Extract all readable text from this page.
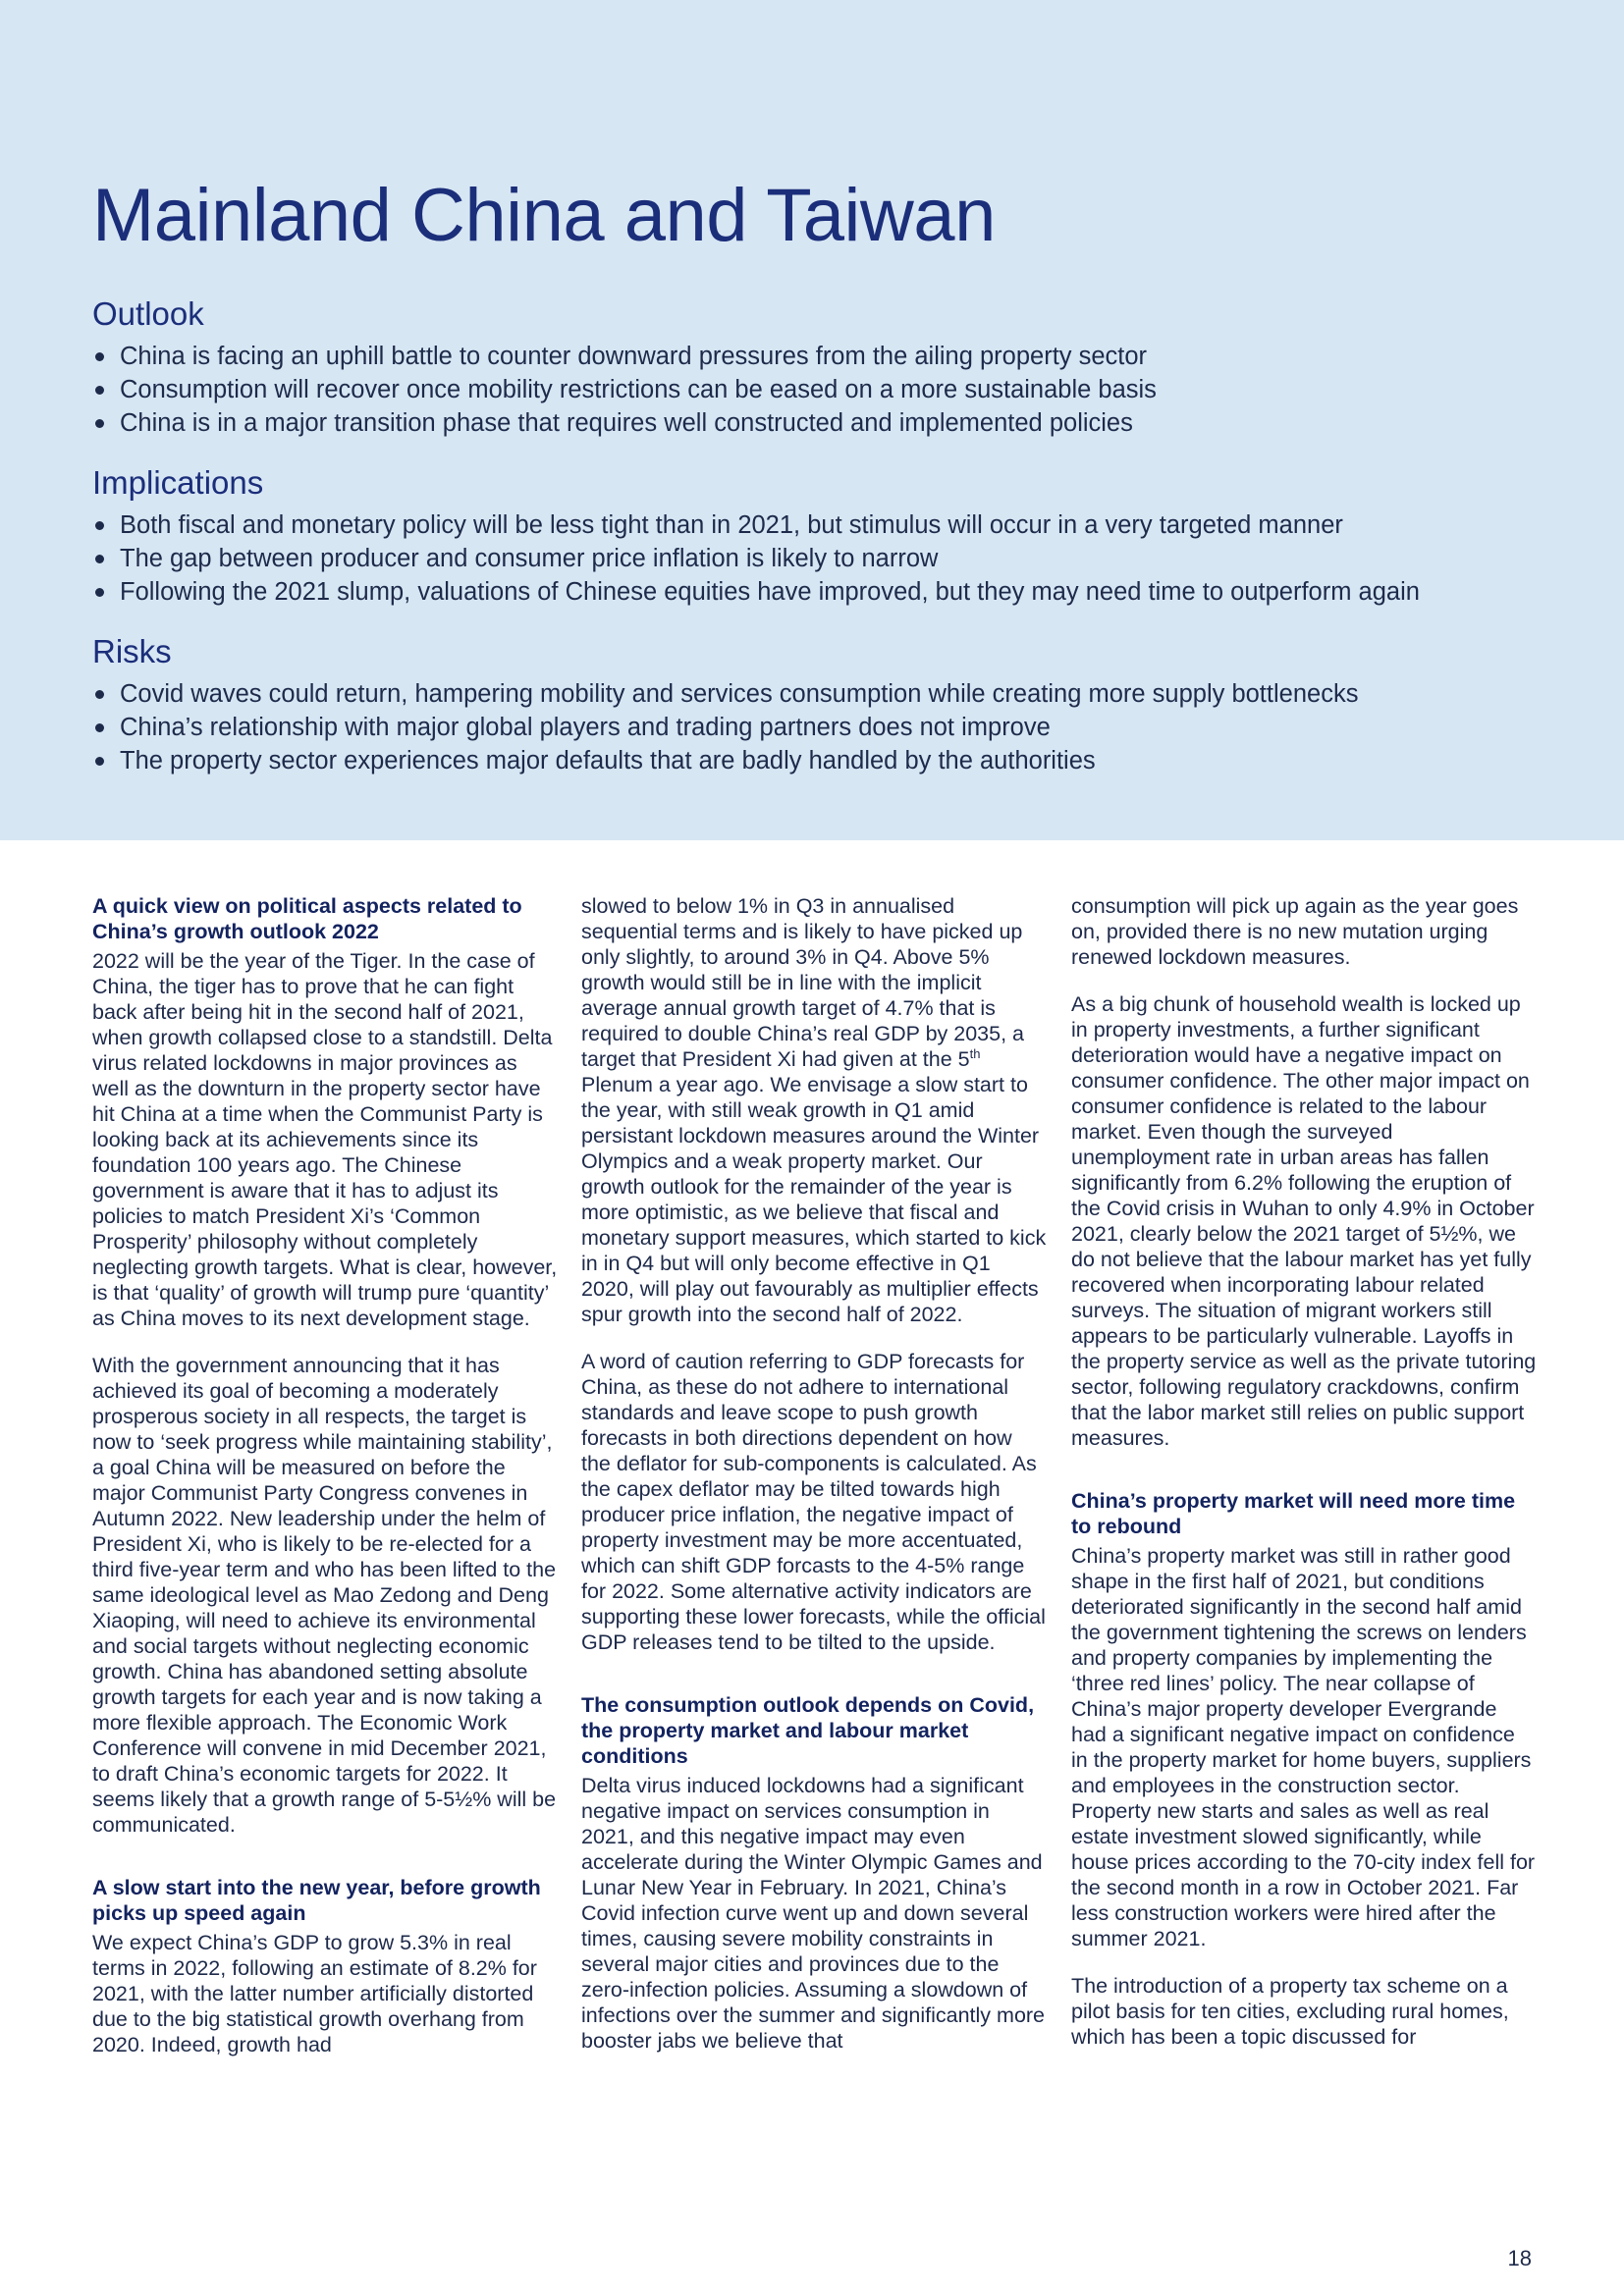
Mainland China and Taiwan
Outlook
China is facing an uphill battle to counter downward pressures from the ailing property sector
Consumption will recover once mobility restrictions can be eased on a more sustainable basis
China is in a major transition phase that requires well constructed and implemented policies
Implications
Both fiscal and monetary policy will be less tight than in 2021, but stimulus will occur in a very targeted manner
The gap between producer and consumer price inflation is likely to narrow
Following the 2021 slump, valuations of Chinese equities have improved, but they may need time to outperform again
Risks
Covid waves could return, hampering mobility and services consumption while creating more supply bottlenecks
China’s relationship with major global players and trading partners does not improve
The property sector experiences major defaults that are badly handled by the authorities
A quick view on political aspects related to China’s growth outlook 2022

2022 will be the year of the Tiger. In the case of China, the tiger has to prove that he can fight back after being hit in the second half of 2021, when growth collapsed close to a standstill. Delta virus related lockdowns in major provinces as well as the downturn in the property sector have hit China at a time when the Communist Party is looking back at its achievements since its foundation 100 years ago. The Chinese government is aware that it has to adjust its policies to match President Xi’s ‘Common Prosperity’ philosophy without completely neglecting growth targets. What is clear, however, is that ‘quality’ of growth will trump pure ‘quantity’ as China moves to its next development stage.

With the government announcing that it has achieved its goal of becoming a moderately prosperous society in all respects, the target is now to ‘seek progress while maintaining stability’, a goal China will be measured on before the major Communist Party Congress convenes in Autumn 2022. New leadership under the helm of President Xi, who is likely to be re-elected for a third five-year term and who has been lifted to the same ideological level as Mao Zedong and Deng Xiaoping, will need to achieve its environmental and social targets without neglecting economic growth. China has abandoned setting absolute growth targets for each year and is now taking a more flexible approach. The Economic Work Conference will convene in mid December 2021, to draft China’s economic targets for 2022. It seems likely that a growth range of 5-5½% will be communicated.

A slow start into the new year, before growth picks up speed again

We expect China’s GDP to grow 5.3% in real terms in 2022, following an estimate of 8.2% for 2021, with the latter number artificially distorted due to the big statistical growth overhang from 2020. Indeed, growth had

slowed to below 1% in Q3 in annualised sequential terms and is likely to have picked up only slightly, to around 3% in Q4. Above 5% growth would still be in line with the implicit average annual growth target of 4.7% that is required to double China’s real GDP by 2035, a target that President Xi had given at the 5th Plenum a year ago. We envisage a slow start to the year, with still weak growth in Q1 amid persistant lockdown measures around the Winter Olympics and a weak property market. Our growth outlook for the remainder of the year is more optimistic, as we believe that fiscal and monetary support measures, which started to kick in in Q4 but will only become effective in Q1 2020, will play out favourably as multiplier effects spur growth into the second half of 2022.

A word of caution referring to GDP forecasts for China, as these do not adhere to international standards and leave scope to push growth forecasts in both directions dependent on how the deflator for sub-components is calculated. As the capex deflator may be tilted towards high producer price inflation, the negative impact of property investment may be more accentuated, which can shift GDP forcasts to the 4-5% range for 2022. Some alternative activity indicators are supporting these lower forecasts, while the official GDP releases tend to be tilted to the upside.

The consumption outlook depends on Covid, the property market and labour market conditions

Delta virus induced lockdowns had a significant negative impact on services consumption in 2021, and this negative impact may even accelerate during the Winter Olympic Games and Lunar New Year in February. In 2021, China’s Covid infection curve went up and down several times, causing severe mobility constraints in several major cities and provinces due to the zero-infection policies. Assuming a slowdown of infections over the summer and significantly more booster jabs we believe that

consumption will pick up again as the year goes on, provided there is no new mutation urging renewed lockdown measures.

As a big chunk of household wealth is locked up in property investments, a further significant deterioration would have a negative impact on consumer confidence. The other major impact on consumer confidence is related to the labour market. Even though the surveyed unemployment rate in urban areas has fallen significantly from 6.2% following the eruption of the Covid crisis in Wuhan to only 4.9% in October 2021, clearly below the 2021 target of 5½%, we do not believe that the labour market has yet fully recovered when incorporating labour related surveys. The situation of migrant workers still appears to be particularly vulnerable. Layoffs in the property service as well as the private tutoring sector, following regulatory crackdowns, confirm that the labor market still relies on public support measures.

China’s property market will need more time to rebound

China’s property market was still in rather good shape in the first half of 2021, but conditions deteriorated significantly in the second half amid the government tightening the screws on lenders and property companies by implementing the ‘three red lines’ policy. The near collapse of China’s major property developer Evergrande had a significant negative impact on confidence in the property market for home buyers, suppliers and employees in the construction sector. Property new starts and sales as well as real estate investment slowed significantly, while house prices according to the 70-city index fell for the second month in a row in October 2021. Far less construction workers were hired after the summer 2021.

The introduction of a property tax scheme on a pilot basis for ten cities, excluding rural homes, which has been a topic discussed for

18
